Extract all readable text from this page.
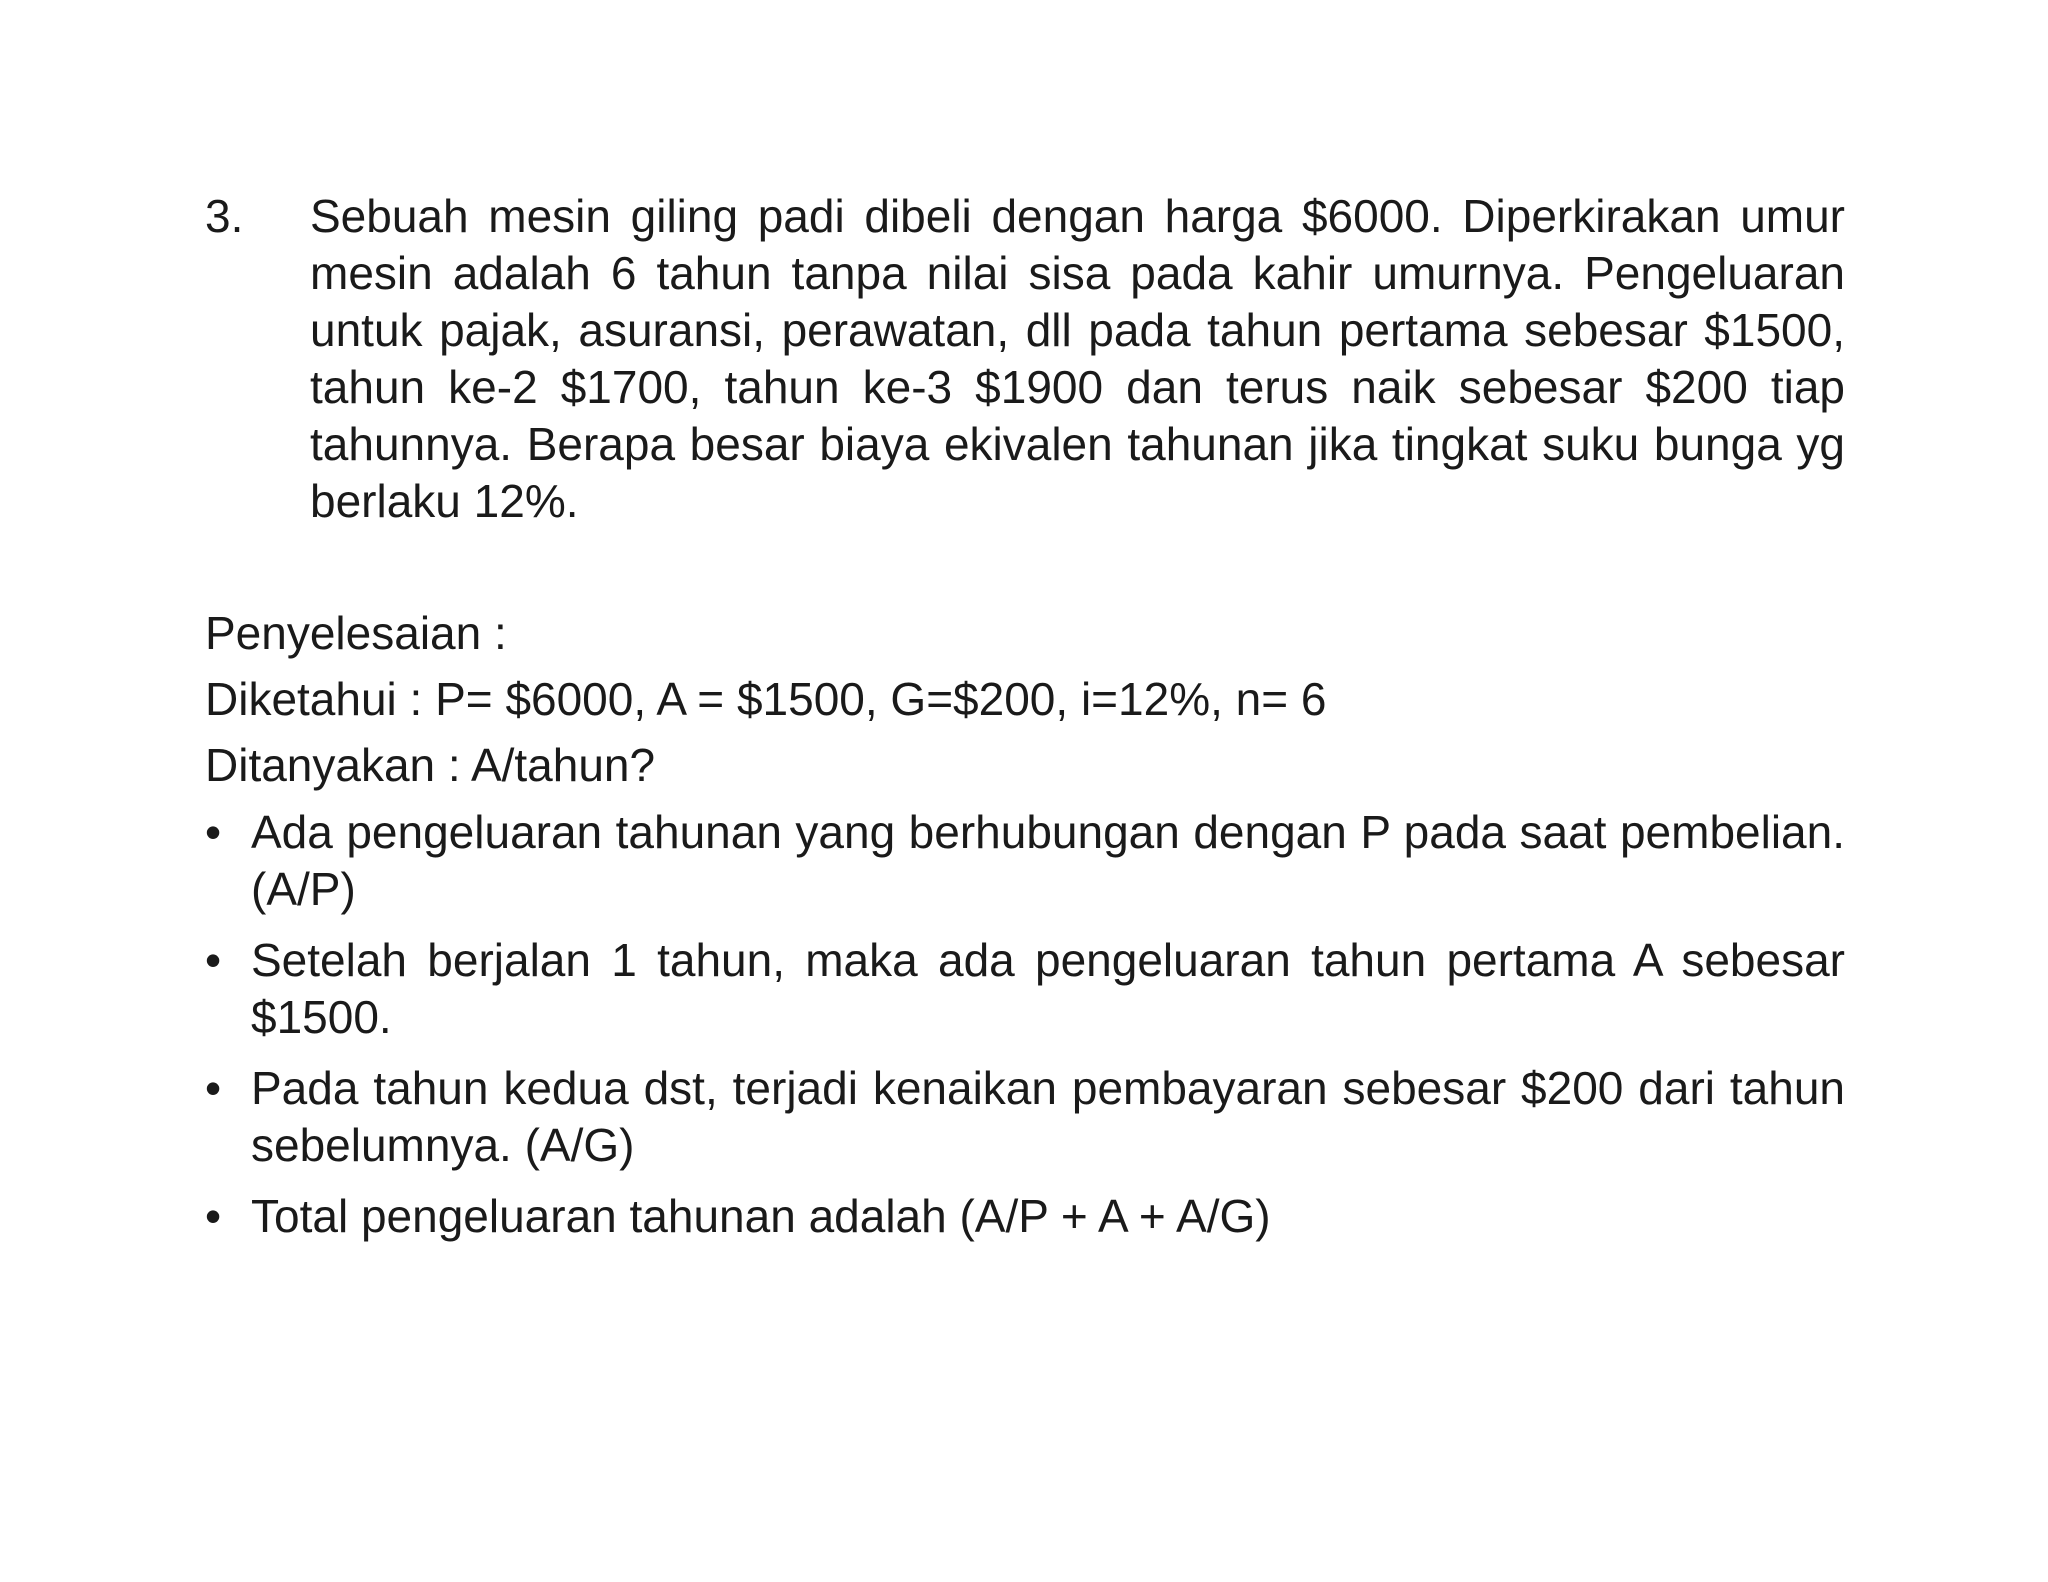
3.	Sebuah mesin giling padi dibeli dengan harga $6000. Diperkirakan umur mesin adalah 6 tahun tanpa nilai sisa pada kahir umurnya. Pengeluaran untuk pajak, asuransi, perawatan, dll pada tahun pertama sebesar $1500, tahun ke-2 $1700, tahun ke-3 $1900 dan terus naik sebesar $200 tiap tahunnya. Berapa besar biaya ekivalen tahunan jika tingkat suku bunga yg berlaku 12%.
Penyelesaian :
Diketahui : P= $6000, A = $1500, G=$200, i=12%, n= 6
Ditanyakan : A/tahun?
• Ada pengeluaran tahunan yang berhubungan dengan P pada saat pembelian. (A/P)
• Setelah berjalan 1 tahun, maka ada pengeluaran tahun pertama A sebesar $1500.
• Pada tahun kedua dst, terjadi kenaikan pembayaran sebesar $200 dari tahun sebelumnya. (A/G)
• Total pengeluaran tahunan adalah (A/P + A + A/G)
